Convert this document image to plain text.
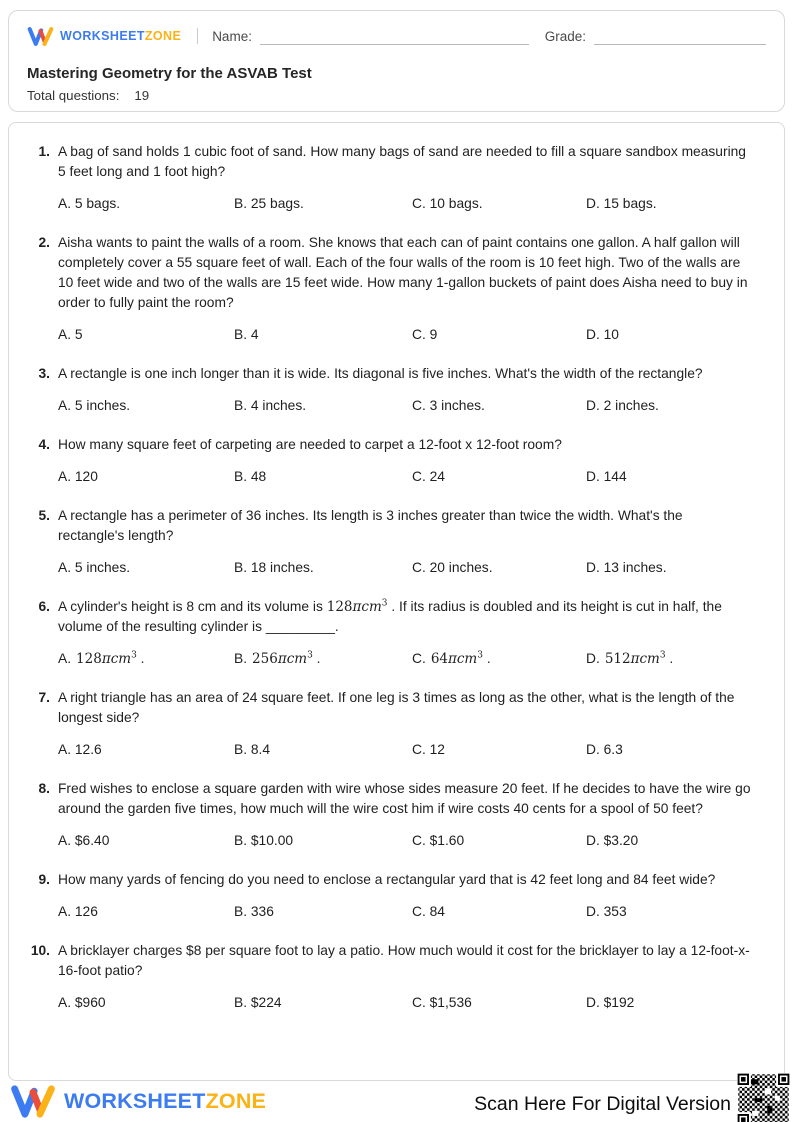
WORKSHEETZONE Name:	Grade:
Mastering Geometry for the ASVAB Test
Total questions: 19
1. A bag of sand holds 1 cubic foot of sand. How many bags of sand are needed to fill a square sandbox measuring 5 feet long and 1 foot high?

A. 5 bags.	B. 25 bags.	C. 10 bags.	D. 15 bags.
2. Aisha wants to paint the walls of a room. She knows that each can of paint contains one gallon. A half gallon will completely cover a 55 square feet of wall. Each of the four walls of the room is 10 feet high. Two of the walls are 10 feet wide and two of the walls are 15 feet wide. How many 1-gallon buckets of paint does Aisha need to buy in order to fully paint the room?

A. 5	B. 4	C. 9	D. 10
3. A rectangle is one inch longer than it is wide. Its diagonal is five inches. What's the width of the rectangle?

A. 5 inches.	B. 4 inches.	C. 3 inches.	D. 2 inches.
4. How many square feet of carpeting are needed to carpet a 12-foot x 12-foot room?

A. 120	B. 48	C. 24	D. 144
5. A rectangle has a perimeter of 36 inches. Its length is 3 inches greater than twice the width. What's the rectangle's length?

A. 5 inches.	B. 18 inches.	C. 20 inches.	D. 13 inches.
6. A cylinder's height is 8 cm and its volume is 128πcm$^3$ . If its radius is doubled and its height is cut in half, the volume of the resulting cylinder is _________.

A. 128πcm$^3$ .	B. 256πcm$^3$ .	C. 64πcm$^3$ .	D. 512πcm$^3$ .
7. A right triangle has an area of 24 square feet. If one leg is 3 times as long as the other, what is the length of the longest side?

A. 12.6	B. 8.4	C. 12	D. 6.3
8. Fred wishes to enclose a square garden with wire whose sides measure 20 feet. If he decides to have the wire go around the garden five times, how much will the wire cost him if wire costs 40 cents for a spool of 50 feet?

A. $6.40	B. $10.00	C. $1.60	D. $3.20
9. How many yards of fencing do you need to enclose a rectangular yard that is 42 feet long and 84 feet wide?

A. 126	B. 336	C. 84	D. 353
10. A bricklayer charges $8 per square foot to lay a patio. How much would it cost for the bricklayer to lay a 12-foot-x-16-foot patio?

A. $960	B. $224	C. $1,536	D. $192
WORKSHEETZONE	Scan Here For Digital Version
